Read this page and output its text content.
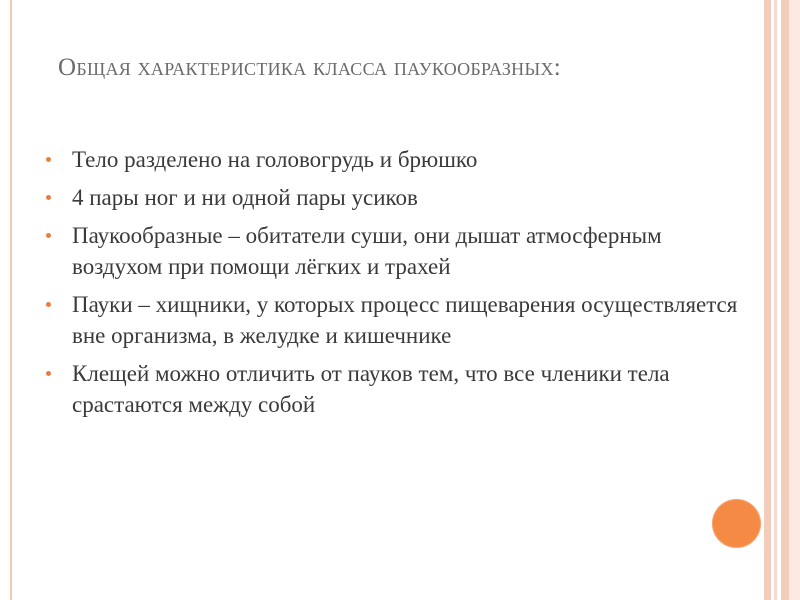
Общая характеристика класса паукообразных:
Тело разделено на головогрудь и брюшко
4 пары ног и ни одной пары усиков
Паукообразные – обитатели суши, они дышат атмосферным воздухом при помощи лёгких и трахей
Пауки – хищники, у которых процесс пищеварения осуществляется вне организма, в желудке и кишечнике
Клещей можно отличить от пауков тем, что все членики тела срастаются между собой
